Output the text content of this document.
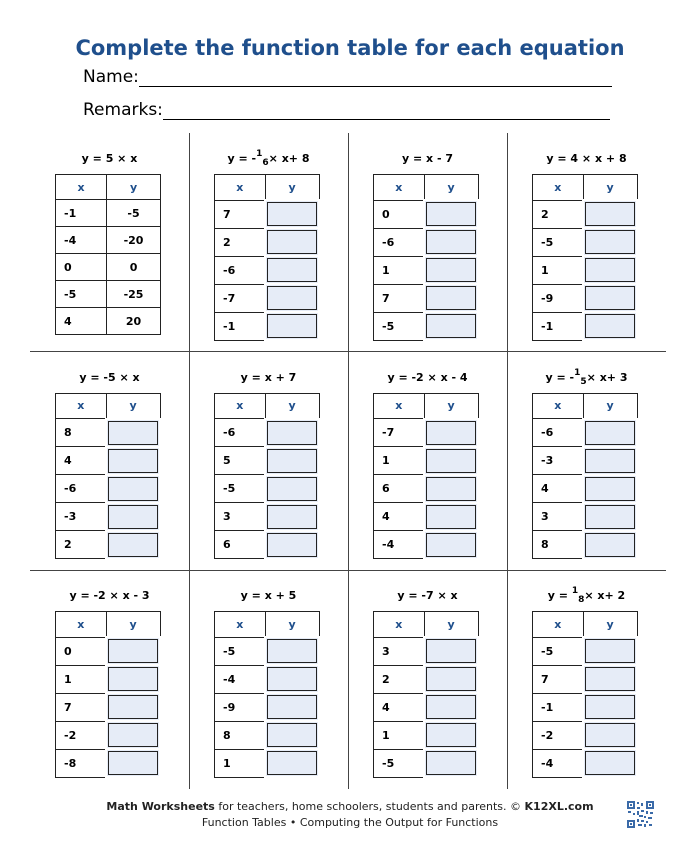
Complete the function table for each equation
Name:
Remarks:
y = 5 × x
x	y
-1	-5
-4	-20
0	0
-5	-25
4	20
y = -$^1_6$× x+ 8
x	y
7	
2	
-6	
-7	
-1	
y = x - 7
x	y
0	
-6	
1	
7	
-5	
y = 4 × x + 8
x	y
2	
-5	
1	
-9	
-1	
y = -5 × x
x	y
8	
4	
-6	
-3	
2	
y = x + 7
x	y
-6	
5	
-5	
3	
6	
y = -2 × x - 4
x	y
-7	
1	
6	
4	
-4	
y = -$^1_5$× x+ 3
x	y
-6	
-3	
4	
3	
8	
y = -2 × x - 3
x	y
0	
1	
7	
-2	
-8	
y = x + 5
x	y
-5	
-4	
-9	
8	
1	
y = -7 × x
x	y
3	
2	
4	
1	
-5	
y = $^1_8$× x+ 2
x	y
-5	
7	
-1	
-2	
-4	
Math Worksheets for teachers, home schoolers, students and parents. © K12XL.com
Function Tables • Computing the Output for Functions
